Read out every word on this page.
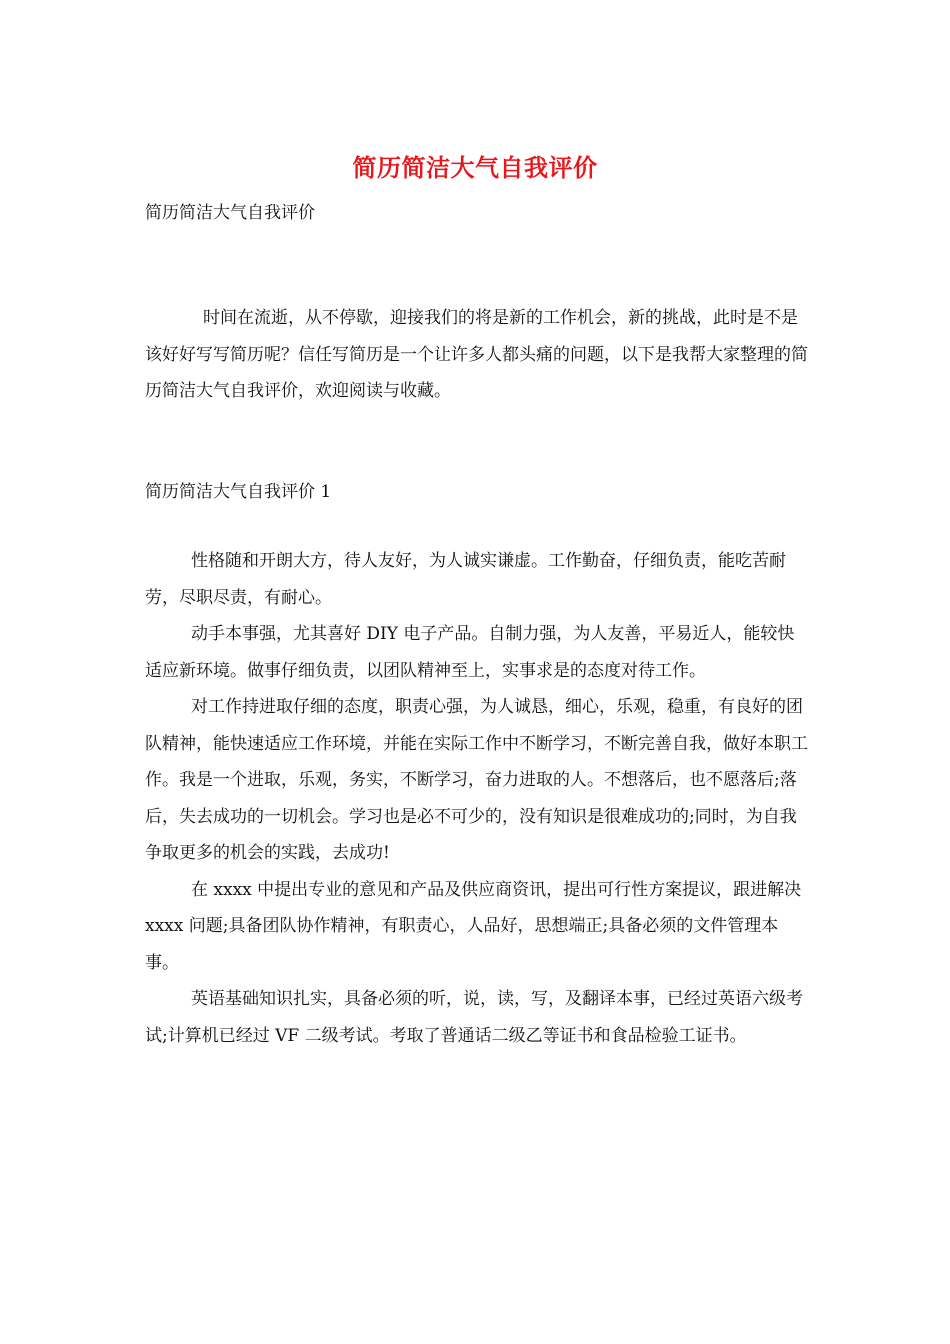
简历简洁大气自我评价
简历简洁大气自我评价

时间在流逝，从不停歇，迎接我们的将是新的工作机会，新的挑战，此时是不是该好好写写简历呢？信任写简历是一个让许多人都头痛的问题，以下是我帮大家整理的简历简洁大气自我评价，欢迎阅读与收藏。

简历简洁大气自我评价 1

性格随和开朗大方，待人友好，为人诚实谦虚。工作勤奋，仔细负责，能吃苦耐劳，尽职尽责，有耐心。

动手本事强，尤其喜好 DIY 电子产品。自制力强，为人友善，平易近人，能较快适应新环境。做事仔细负责，以团队精神至上，实事求是的态度对待工作。

对工作持进取仔细的态度，职责心强，为人诚恳，细心，乐观，稳重，有良好的团队精神，能快速适应工作环境，并能在实际工作中不断学习，不断完善自我，做好本职工作。我是一个进取，乐观，务实，不断学习，奋力进取的人。不想落后，也不愿落后;落后，失去成功的一切机会。学习也是必不可少的，没有知识是很难成功的;同时，为自我争取更多的机会的实践，去成功!

在 xxxx 中提出专业的意见和产品及供应商资讯，提出可行性方案提议，跟进解决 xxxx 问题;具备团队协作精神，有职责心，人品好，思想端正;具备必须的文件管理本事。

英语基础知识扎实，具备必须的听，说，读，写，及翻译本事，已经过英语六级考试;计算机已经过 VF 二级考试。考取了普通话二级乙等证书和食品检验工证书。
